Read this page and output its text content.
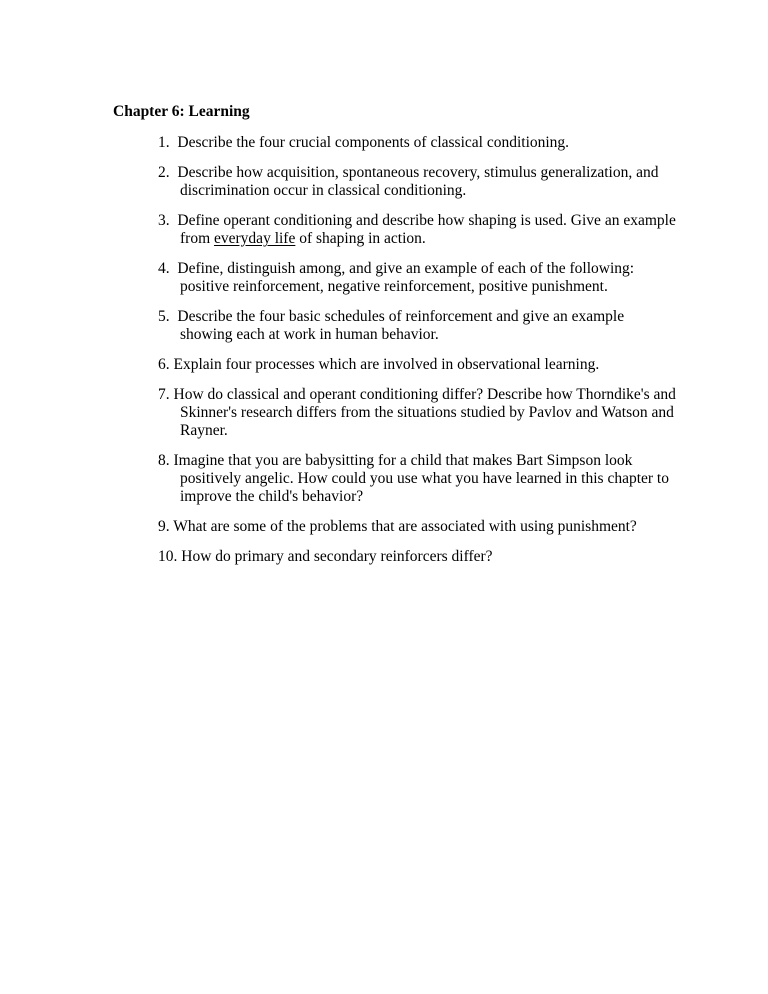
Chapter 6: Learning
1. Describe the four crucial components of classical conditioning.
2. Describe how acquisition, spontaneous recovery, stimulus generalization, and discrimination occur in classical conditioning.
3. Define operant conditioning and describe how shaping is used. Give an example from everyday life of shaping in action.
4. Define, distinguish among, and give an example of each of the following: positive reinforcement, negative reinforcement, positive punishment.
5. Describe the four basic schedules of reinforcement and give an example showing each at work in human behavior.
6. Explain four processes which are involved in observational learning.
7. How do classical and operant conditioning differ? Describe how Thorndike's and Skinner's research differs from the situations studied by Pavlov and Watson and Rayner.
8. Imagine that you are babysitting for a child that makes Bart Simpson look positively angelic. How could you use what you have learned in this chapter to improve the child's behavior?
9. What are some of the problems that are associated with using punishment?
10. How do primary and secondary reinforcers differ?
